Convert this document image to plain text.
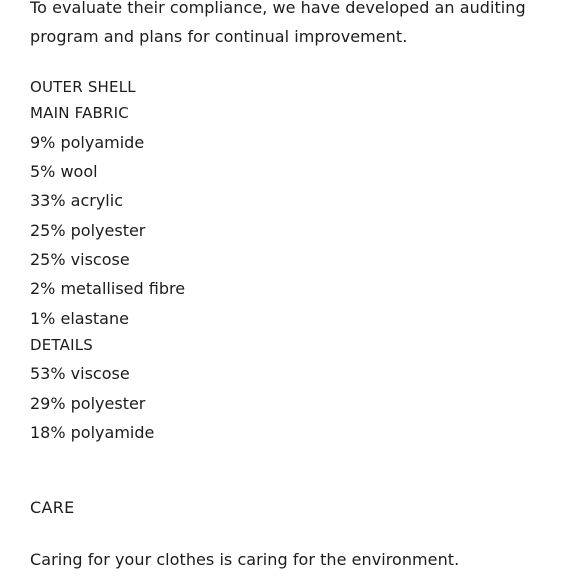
To evaluate their compliance, we have developed an auditing
program and plans for continual improvement.
OUTER SHELL
MAIN FABRIC
9% polyamide
5% wool
33% acrylic
25% polyester
25% viscose
2% metallised fibre
1% elastane
DETAILS
53% viscose
29% polyester
18% polyamide
CARE
Caring for your clothes is caring for the environment.
